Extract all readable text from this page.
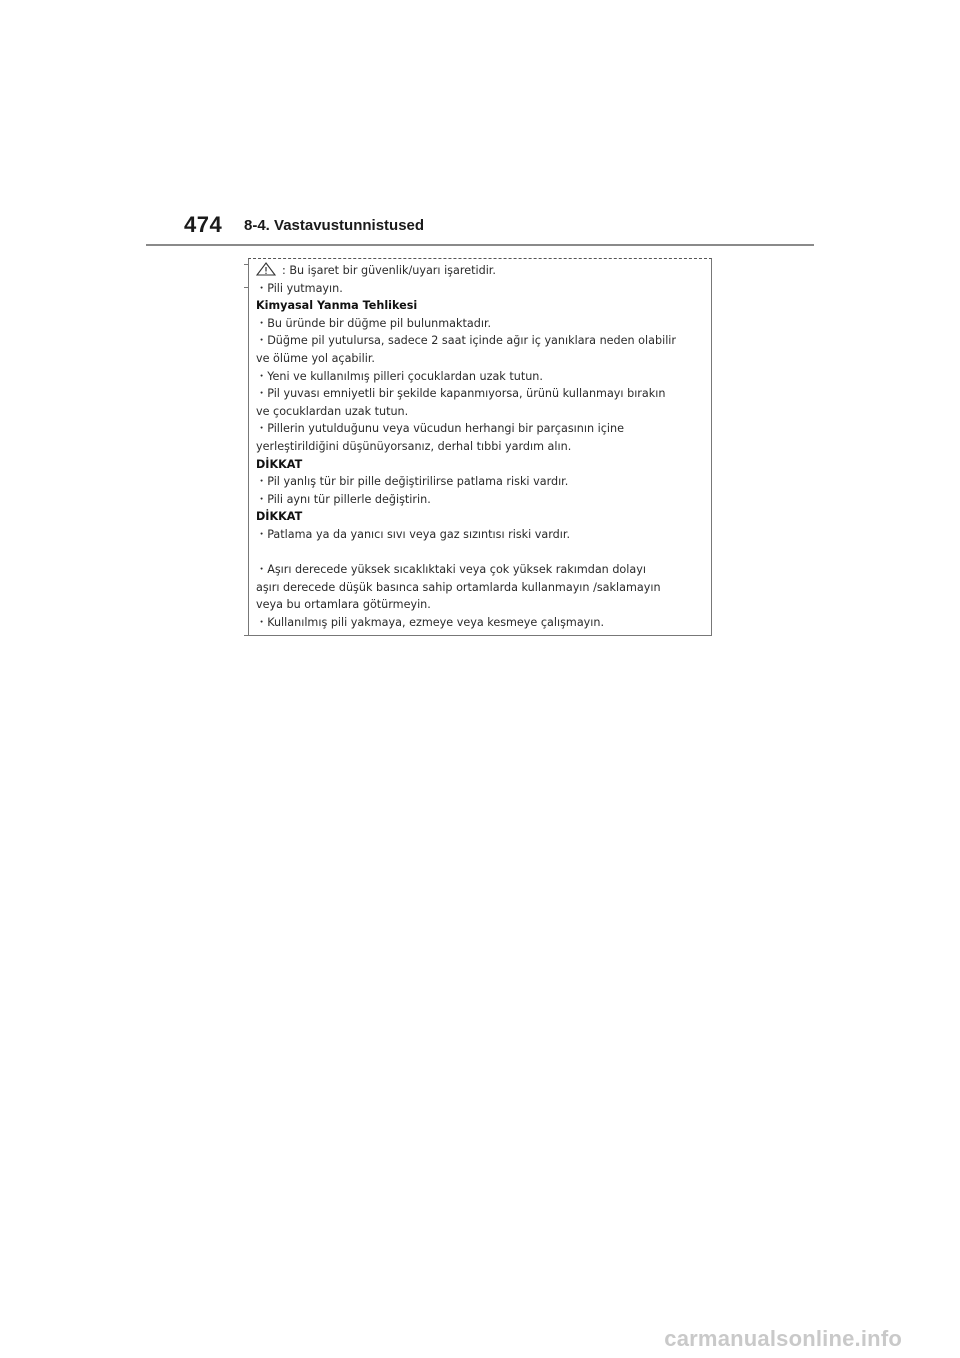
474 8-4. Vastavustunnistused
: Bu işaret bir güvenlik/uyarı işaretidir.
・Pili yutmayın.
Kimyasal Yanma Tehlikesi
・Bu üründe bir düğme pil bulunmaktadır.
・Düğme pil yutulursa, sadece 2 saat içinde ağır iç yanıklara neden olabilir
ve ölüme yol açabilir.
・Yeni ve kullanılmış pilleri çocuklardan uzak tutun.
・Pil yuvası emniyetli bir şekilde kapanmıyorsa, ürünü kullanmayı bırakın
ve çocuklardan uzak tutun.
・Pillerin yutulduğunu veya vücudun herhangi bir parçasının içine
yerleştirildiğini düşünüyorsanız, derhal tıbbi yardım alın.
DİKKAT
・Pil yanlış tür bir pille değiştirilirse patlama riski vardır.
・Pili aynı tür pillerle değiştirin.
DİKKAT
・Patlama ya da yanıcı sıvı veya gaz sızıntısı riski vardır.
・Aşırı derecede yüksek sıcaklıktaki veya çok yüksek rakımdan dolayı
aşırı derecede düşük basınca sahip ortamlarda kullanmayın /saklamayın
veya bu ortamlara götürmeyin.
・Kullanılmış pili yakmaya, ezmeye veya kesmeye çalışmayın.
carmanualsonline.info
